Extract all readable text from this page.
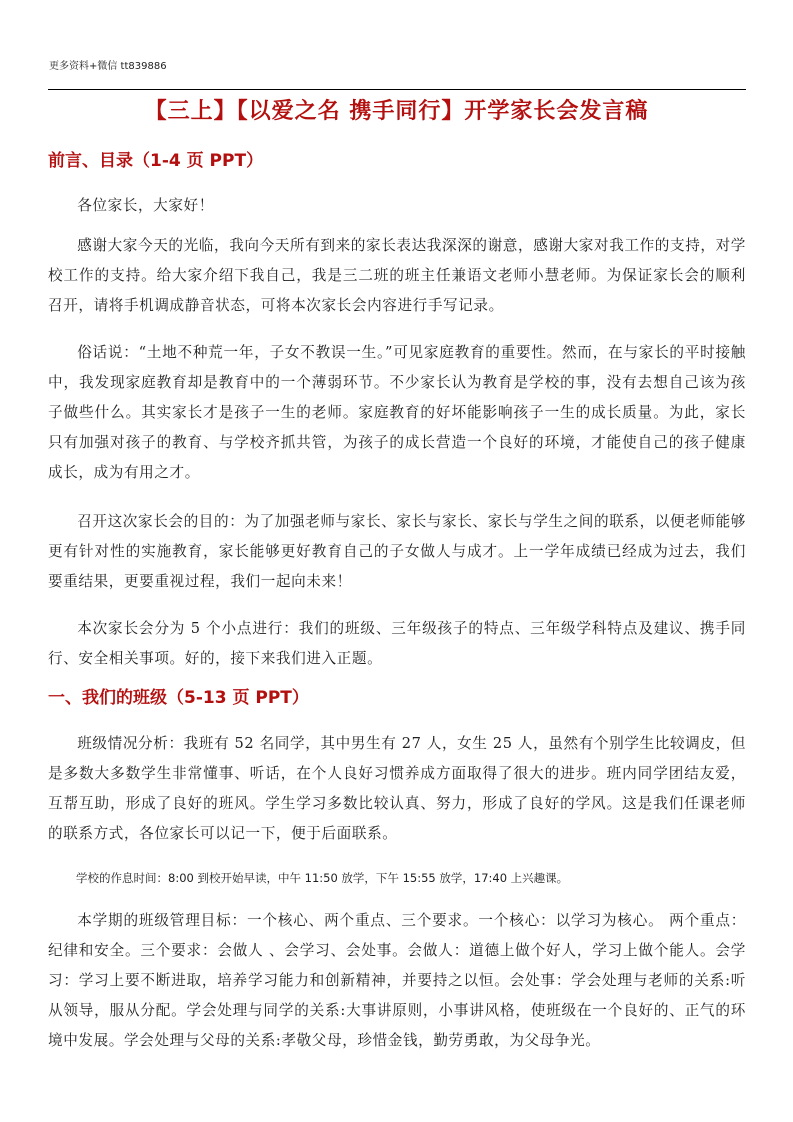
更多资料+微信 tt839886
【三上】【以爱之名 携手同行】开学家长会发言稿
前言、目录（1-4 页 PPT）
各位家长，大家好！
感谢大家今天的光临，我向今天所有到来的家长表达我深深的谢意，感谢大家对我工作的支持，对学校工作的支持。给大家介绍下我自己，我是三二班的班主任兼语文老师小慧老师。为保证家长会的顺利召开，请将手机调成静音状态，可将本次家长会内容进行手写记录。
俗话说：“土地不种荒一年，子女不教误一生。”可见家庭教育的重要性。然而，在与家长的平时接触中，我发现家庭教育却是教育中的一个薄弱环节。不少家长认为教育是学校的事，没有去想自己该为孩子做些什么。其实家长才是孩子一生的老师。家庭教育的好坏能影响孩子一生的成长质量。为此，家长只有加强对孩子的教育、与学校齐抓共管，为孩子的成长营造一个良好的环境，才能使自己的孩子健康成长，成为有用之才。
召开这次家长会的目的：为了加强老师与家长、家长与家长、家长与学生之间的联系，以便老师能够更有针对性的实施教育，家长能够更好教育自己的子女做人与成才。上一学年成绩已经成为过去，我们要重结果，更要重视过程，我们一起向未来！
本次家长会分为 5 个小点进行：我们的班级、三年级孩子的特点、三年级学科特点及建议、携手同行、安全相关事项。好的，接下来我们进入正题。
一、我们的班级（5-13 页 PPT）
班级情况分析：我班有 52 名同学，其中男生有 27 人，女生 25 人，虽然有个别学生比较调皮，但是多数大多数学生非常懂事、听话，在个人良好习惯养成方面取得了很大的进步。班内同学团结友爱，互帮互助，形成了良好的班风。学生学习多数比较认真、努力，形成了良好的学风。这是我们任课老师的联系方式，各位家长可以记一下，便于后面联系。
学校的作息时间：8:00 到校开始早读，中午 11:50 放学，下午 15:55 放学，17:40 上兴趣课。
本学期的班级管理目标：一个核心、两个重点、三个要求。一个核心：以学习为核心。 两个重点：纪律和安全。三个要求：会做人 、会学习、会处事。会做人：道德上做个好人，学习上做个能人。会学习：学习上要不断进取，培养学习能力和创新精神，并要持之以恒。会处事：学会处理与老师的关系:听从领导，服从分配。学会处理与同学的关系:大事讲原则，小事讲风格，使班级在一个良好的、正气的环境中发展。学会处理与父母的关系:孝敬父母，珍惜金钱，勤劳勇敢，为父母争光。
